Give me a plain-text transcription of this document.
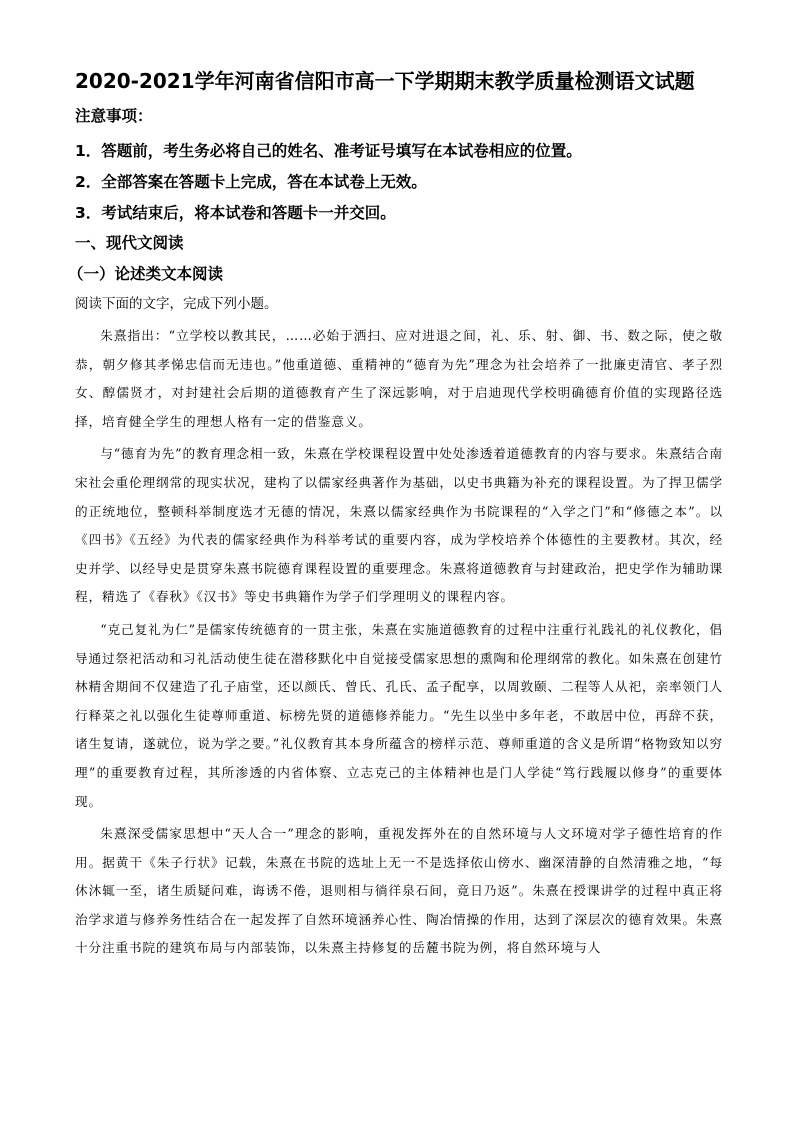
2020-2021学年河南省信阳市高一下学期期末教学质量检测语文试题
注意事项：
1．答题前，考生务必将自己的姓名、准考证号填写在本试卷相应的位置。
2．全部答案在答题卡上完成，答在本试卷上无效。
3．考试结束后，将本试卷和答题卡一并交回。
一、现代文阅读
（一）论述类文本阅读
阅读下面的文字，完成下列小题。

朱熹指出：“立学校以教其民，……必始于洒扫、应对进退之间，礼、乐、射、御、书、数之际，使之敬恭，朝夕修其孝悌忠信而无违也。”他重道德、重精神的“德育为先”理念为社会培养了一批廉吏清官、孝子烈女、醇儒贤才，对封建社会后期的道德教育产生了深远影响，对于启迪现代学校明确德育价值的实现路径选择，培育健全学生的理想人格有一定的借鉴意义。

与“德育为先”的教育理念相一致，朱熹在学校课程设置中处处渗透着道德教育的内容与要求。朱熹结合南宋社会重伦理纲常的现实状况，建构了以儒家经典著作为基础，以史书典籍为补充的课程设置。为了捍卫儒学的正统地位，整顿科举制度选才无德的情况，朱熹以儒家经典作为书院课程的“入学之门”和“修德之本”。以《四书》《五经》为代表的儒家经典作为科举考试的重要内容，成为学校培养个体德性的主要教材。其次，经史并学、以经导史是贯穿朱熹书院德育课程设置的重要理念。朱熹将道德教育与封建政治，把史学作为辅助课程，精选了《春秋》《汉书》等史书典籍作为学子们学理明义的课程内容。

“克己复礼为仁”是儒家传统德育的一贯主张，朱熹在实施道德教育的过程中注重行礼践礼的礼仪教化，倡导通过祭祀活动和习礼活动使生徒在潜移默化中自觉接受儒家思想的熏陶和伦理纲常的教化。如朱熹在创建竹林精舍期间不仅建造了孔子庙堂，还以颜氏、曾氏、孔氏、孟子配享，以周敦颐、二程等人从祀，亲率领门人行释菜之礼以强化生徒尊师重道、标榜先贤的道德修养能力。“先生以坐中多年老，不敢居中位，再辞不获，诸生复请，遂就位，说为学之要。”礼仪教育其本身所蕴含的榜样示范、尊师重道的含义是所谓“格物致知以穷理”的重要教育过程，其所渗透的内省体察、立志克己的主体精神也是门人学徒“笃行践履以修身”的重要体现。

朱熹深受儒家思想中“天人合一”理念的影响，重视发挥外在的自然环境与人文环境对学子德性培育的作用。据黄干《朱子行状》记载，朱熹在书院的选址上无一不是选择依山傍水、幽深清静的自然清雅之地，“每休沐辄一至，诸生质疑问难，诲诱不倦，退则相与徜徉泉石间，竟日乃返”。朱熹在授课讲学的过程中真正将治学求道与修养务性结合在一起发挥了自然环境涵养心性、陶冶情操的作用，达到了深层次的德育效果。朱熹十分注重书院的建筑布局与内部装饰，以朱熹主持修复的岳麓书院为例，将自然环境与人
